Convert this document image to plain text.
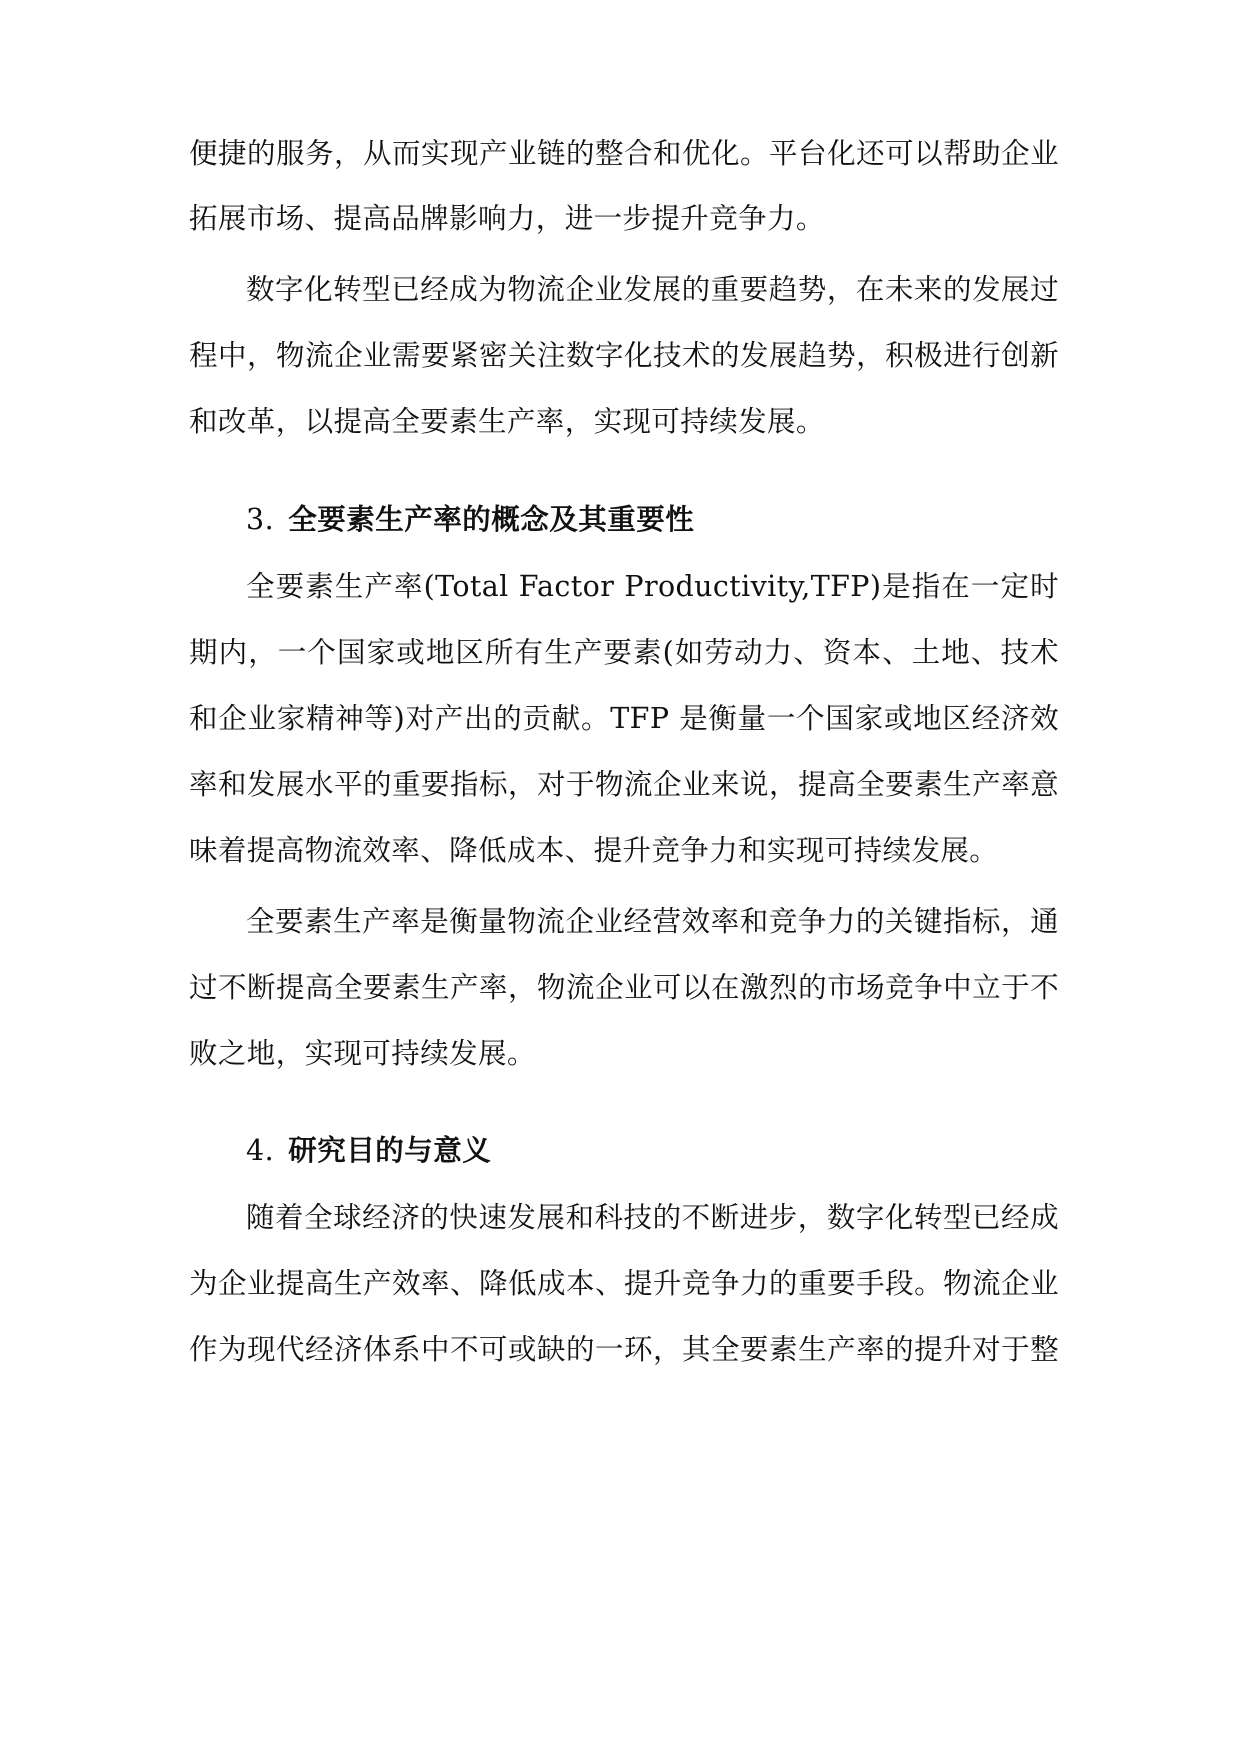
便捷的服务，从而实现产业链的整合和优化。平台化还可以帮助企业
拓展市场、提高品牌影响力，进一步提升竞争力。
数字化转型已经成为物流企业发展的重要趋势，在未来的发展过
程中，物流企业需要紧密关注数字化技术的发展趋势，积极进行创新
和改革，以提高全要素生产率，实现可持续发展。
3. 全要素生产率的概念及其重要性
全要素生产率(Total Factor Productivity,TFP)是指在一定时
期内，一个国家或地区所有生产要素(如劳动力、资本、土地、技术
和企业家精神等)对产出的贡献。TFP 是衡量一个国家或地区经济效
率和发展水平的重要指标，对于物流企业来说，提高全要素生产率意
味着提高物流效率、降低成本、提升竞争力和实现可持续发展。
全要素生产率是衡量物流企业经营效率和竞争力的关键指标，通
过不断提高全要素生产率，物流企业可以在激烈的市场竞争中立于不
败之地，实现可持续发展。
4. 研究目的与意义
随着全球经济的快速发展和科技的不断进步，数字化转型已经成
为企业提高生产效率、降低成本、提升竞争力的重要手段。物流企业
作为现代经济体系中不可或缺的一环，其全要素生产率的提升对于整
